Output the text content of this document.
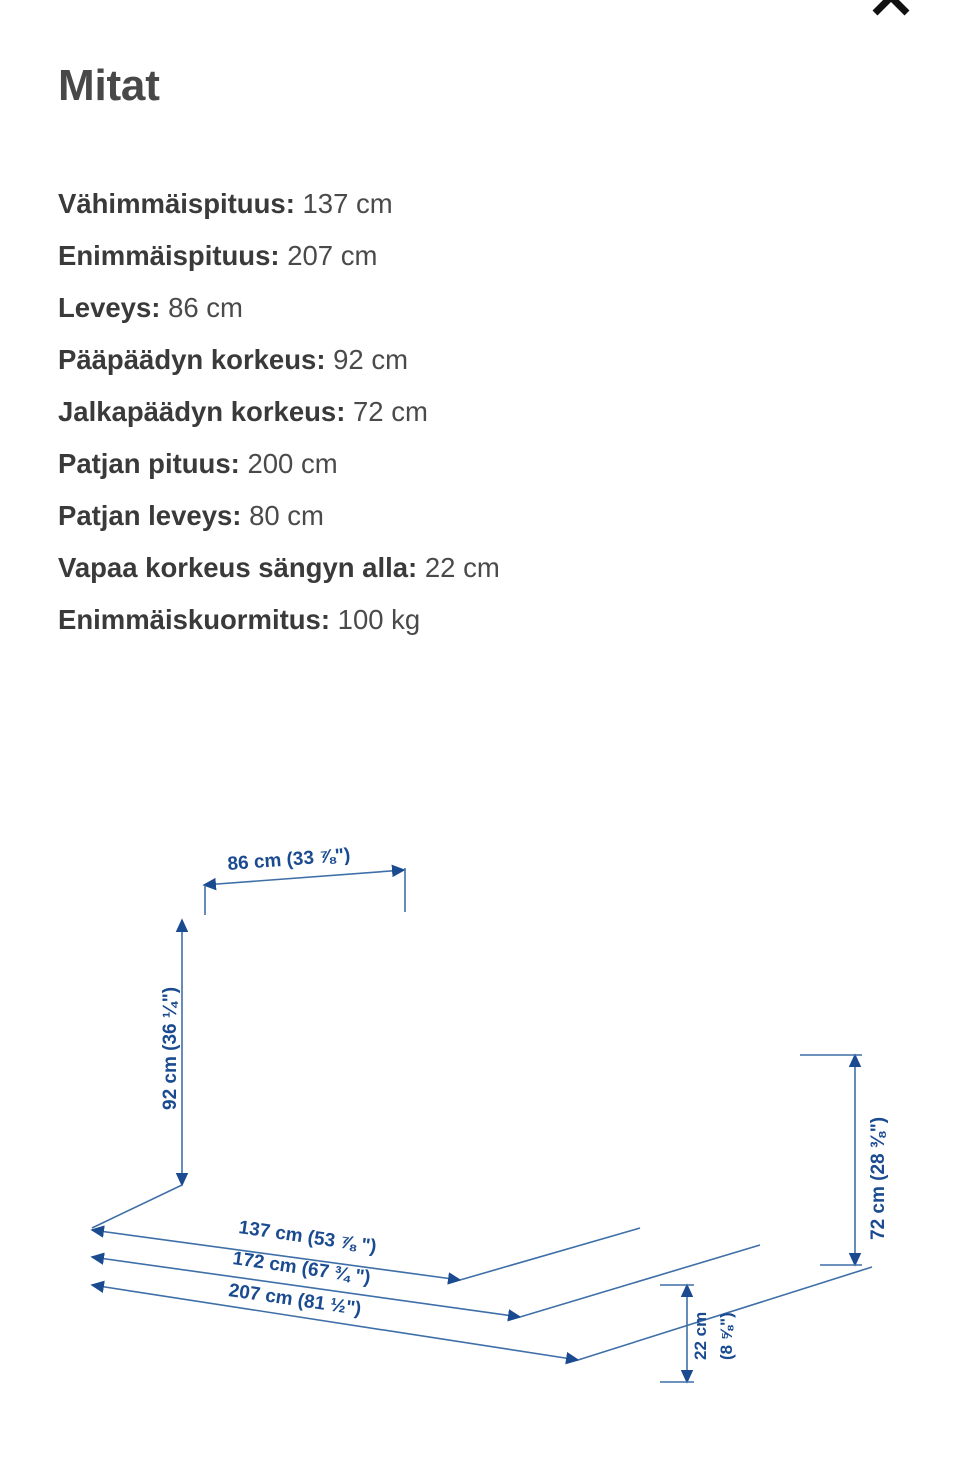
Mitat
Vähimmäispituus: 137 cm
Enimmäispituus: 207 cm
Leveys: 86 cm
Pääpäädyn korkeus: 92 cm
Jalkapäädyn korkeus: 72 cm
Patjan pituus: 200 cm
Patjan leveys: 80 cm
Vapaa korkeus sängyn alla: 22 cm
Enimmäiskuormitus: 100 kg
86 cm (33 ⅞")
92 cm (36 ¼")
72 cm (28 ⅜")
22 cm (8 ⅝")
137 cm (53 ⅞ ")
172 cm (67 ¾ ")
207 cm (81 ½")
